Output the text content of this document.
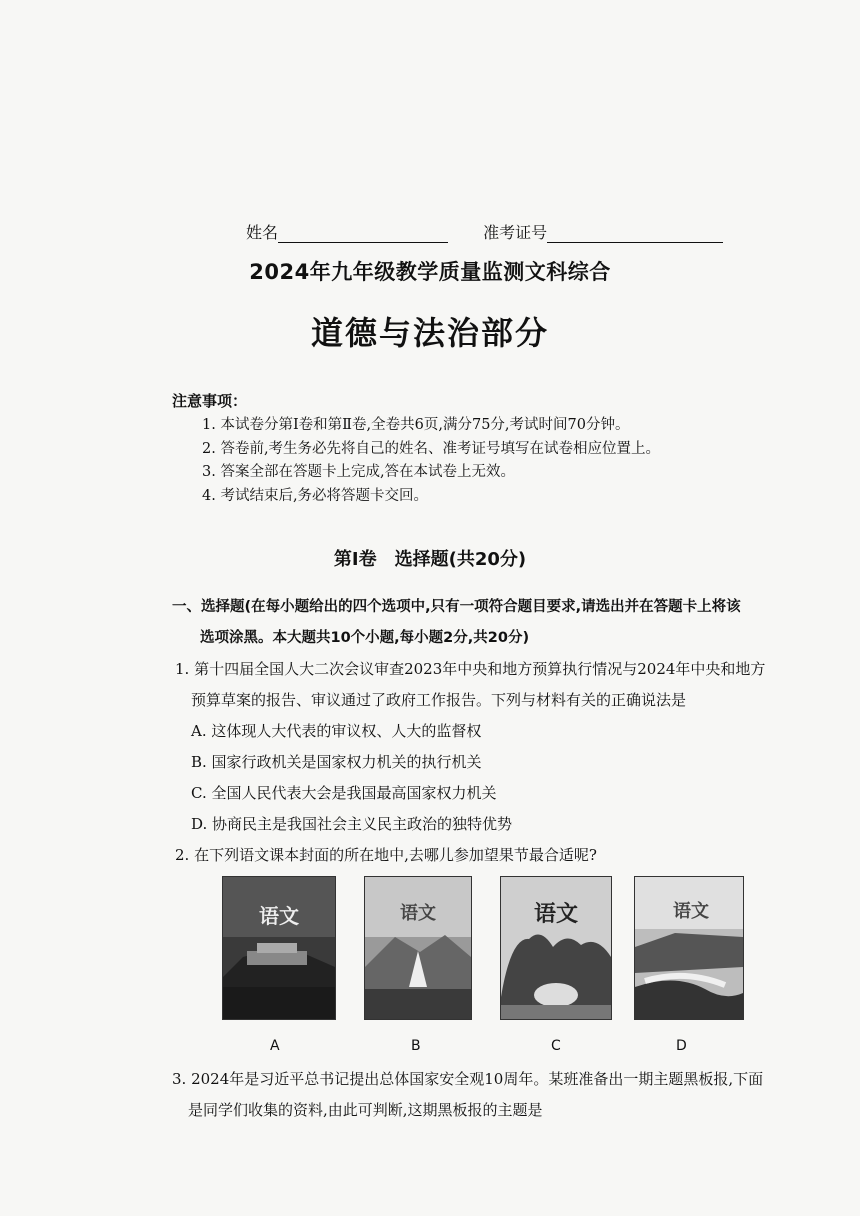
姓名	准考证号
2024年九年级教学质量监测文科综合
道德与法治部分
注意事项：
1. 本试卷分第Ⅰ卷和第Ⅱ卷,全卷共6页,满分75分,考试时间70分钟。
2. 答卷前,考生务必先将自己的姓名、准考证号填写在试卷相应位置上。
3. 答案全部在答题卡上完成,答在本试卷上无效。
4. 考试结束后,务必将答题卡交回。
第Ⅰ卷　选择题(共20分)
一、选择题(在每小题给出的四个选项中,只有一项符合题目要求,请选出并在答题卡上将该
选项涂黑。本大题共10个小题,每小题2分,共20分)
1. 第十四届全国人大二次会议审查2023年中央和地方预算执行情况与2024年中央和地方
预算草案的报告、审议通过了政府工作报告。下列与材料有关的正确说法是
A. 这体现人大代表的审议权、人大的监督权
B. 国家行政机关是国家权力机关的执行机关
C. 全国人民代表大会是我国最高国家权力机关
D. 协商民主是我国社会主义民主政治的独特优势
2. 在下列语文课本封面的所在地中,去哪儿参加望果节最合适呢?
语文	语文	语文	语文
A	B	C	D
3. 2024年是习近平总书记提出总体国家安全观10周年。某班准备出一期主题黑板报,下面
是同学们收集的资料,由此可判断,这期黑板报的主题是
